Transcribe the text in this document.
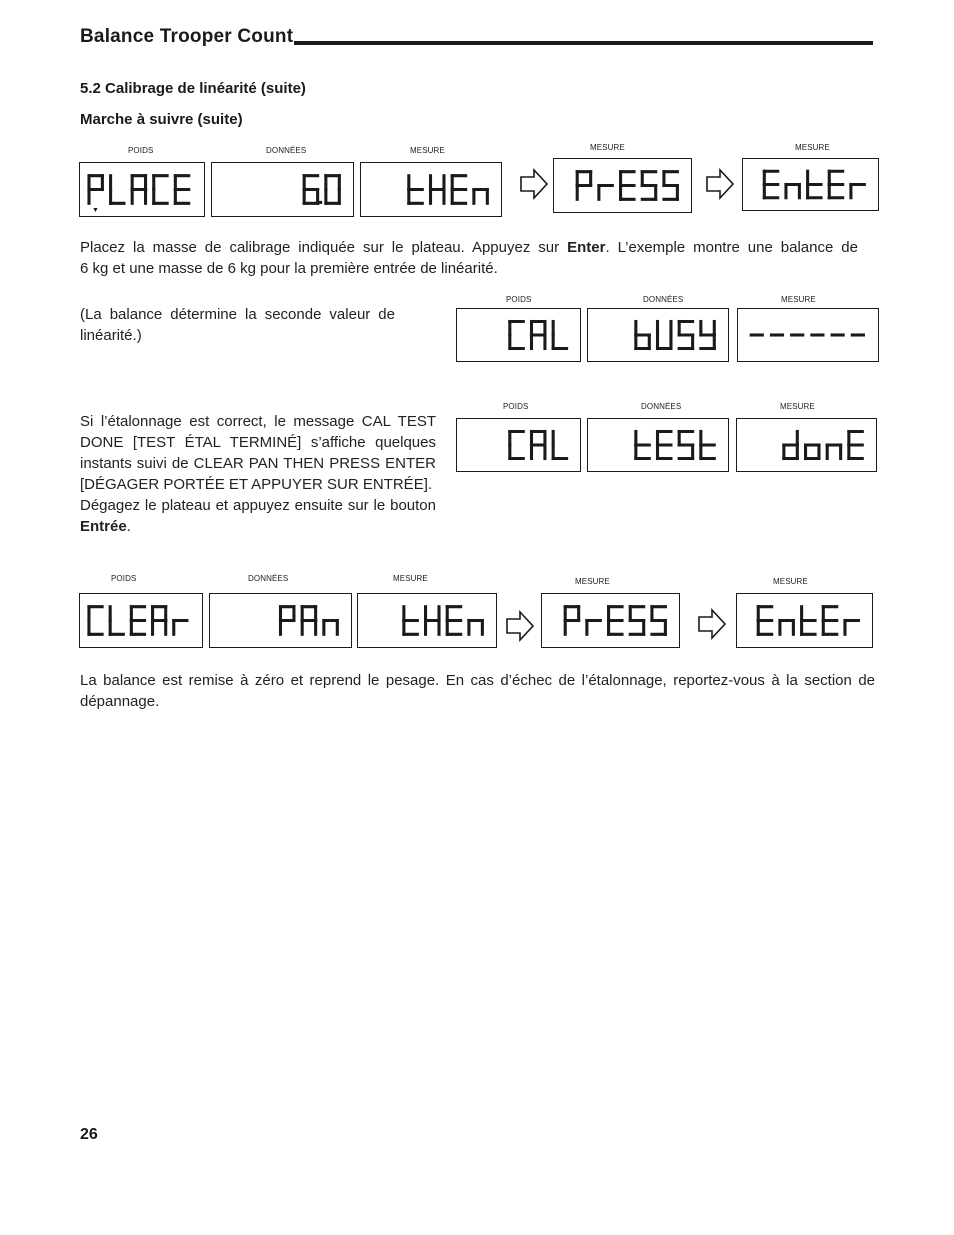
Balance Trooper Count
5.2 Calibrage de linéarité (suite)
Marche à suivre (suite)
POIDS	DONNÉES	MESURE	MESURE	MESURE
▼
Placez la masse de calibrage indiquée sur le plateau. Appuyez sur Enter. L’exemple montre une balance de
6 kg et une masse de 6 kg pour la première entrée de linéarité.
(La balance détermine la seconde valeur de
linéarité.)
POIDS	DONNÉES	MESURE
Si l’étalonnage est correct, le message CAL TEST
DONE [TEST ÉTAL TERMINÉ] s’affiche quelques
instants suivi de CLEAR PAN THEN PRESS ENTER
[DÉGAGER PORTÉE ET APPUYER SUR ENTRÉE].
Dégagez le plateau et appuyez ensuite sur le bouton
Entrée.
POIDS	DONNÉES	MESURE
POIDS	DONNÉES	MESURE	MESURE	MESURE
La balance est remise à zéro et reprend le pesage. En cas d’échec de l’étalonnage, reportez-vous à la section de
dépannage.
26
